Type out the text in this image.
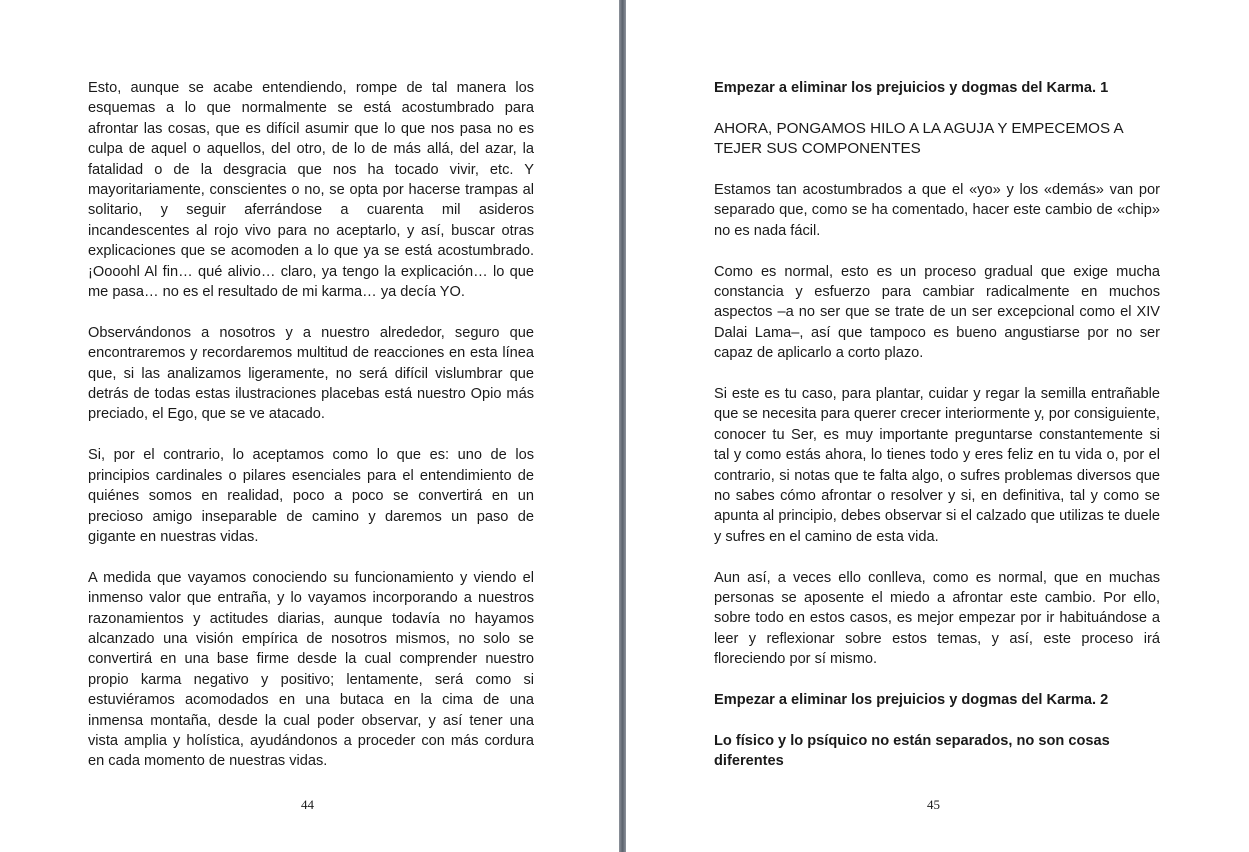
Esto, aunque se acabe entendiendo, rompe de tal manera los esquemas a lo que normalmente se está acostumbrado para afrontar las cosas, que es difícil asumir que lo que nos pasa no es culpa de aquel o aquellos, del otro, de lo de más allá, del azar, la fatalidad o de la desgracia que nos ha tocado vivir, etc. Y mayoritariamente, conscientes o no, se opta por hacerse trampas al solitario, y seguir aferrándose a cuarenta mil asideros incandescentes al rojo vivo para no aceptarlo, y así, buscar otras explicaciones que se acomoden a lo que ya se está acostumbrado. ¡Oooohl Al fin… qué alivio… claro, ya tengo la explicación… lo que me pasa… no es el resultado de mi karma… ya decía YO.

Observándonos a nosotros y a nuestro alrededor, seguro que encontraremos y recordaremos multitud de reacciones en esta línea que, si las analizamos ligeramente, no será difícil vislumbrar que detrás de todas estas ilustraciones placebas está nuestro Opio más preciado, el Ego, que se ve atacado.

Si, por el contrario, lo aceptamos como lo que es: uno de los principios cardinales o pilares esenciales para el entendimiento de quiénes somos en realidad, poco a poco se convertirá en un precioso amigo inseparable de camino y daremos un paso de gigante en nuestras vidas.

A medida que vayamos conociendo su funcionamiento y viendo el inmenso valor que entraña, y lo vayamos incorporando a nuestros razonamientos y actitudes diarias, aunque todavía no hayamos alcanzado una visión empírica de nosotros mismos, no solo se convertirá en una base firme desde la cual comprender nuestro propio karma negativo y positivo; lentamente, será como si estuviéramos acomodados en una butaca en la cima de una inmensa montaña, desde la cual poder observar, y así tener una vista amplia y holística, ayudándonos a proceder con más cordura en cada momento de nuestras vidas.

44

Empezar a eliminar los prejuicios y dogmas del Karma. 1

AHORA, PONGAMOS HILO A LA AGUJA Y EMPECEMOS A TEJER SUS COMPONENTES

Estamos tan acostumbrados a que el «yo» y los «demás» van por separado que, como se ha comentado, hacer este cambio de «chip» no es nada fácil.

Como es normal, esto es un proceso gradual que exige mucha constancia y esfuerzo para cambiar radicalmente en muchos aspectos –a no ser que se trate de un ser excepcional como el XIV Dalai Lama–, así que tampoco es bueno angustiarse por no ser capaz de aplicarlo a corto plazo.

Si este es tu caso, para plantar, cuidar y regar la semilla entrañable que se necesita para querer crecer interiormente y, por consiguiente, conocer tu Ser, es muy importante preguntarse constantemente si tal y como estás ahora, lo tienes todo y eres feliz en tu vida o, por el contrario, si notas que te falta algo, o sufres problemas diversos que no sabes cómo afrontar o resolver y si, en definitiva, tal y como se apunta al principio, debes observar si el calzado que utilizas te duele y sufres en el camino de esta vida.

Aun así, a veces ello conlleva, como es normal, que en muchas personas se aposente el miedo a afrontar este cambio. Por ello, sobre todo en estos casos, es mejor empezar por ir habituándose a leer y reflexionar sobre estos temas, y así, este proceso irá floreciendo por sí mismo.

Empezar a eliminar los prejuicios y dogmas del Karma. 2

Lo físico y lo psíquico no están separados, no son cosas diferentes

45
